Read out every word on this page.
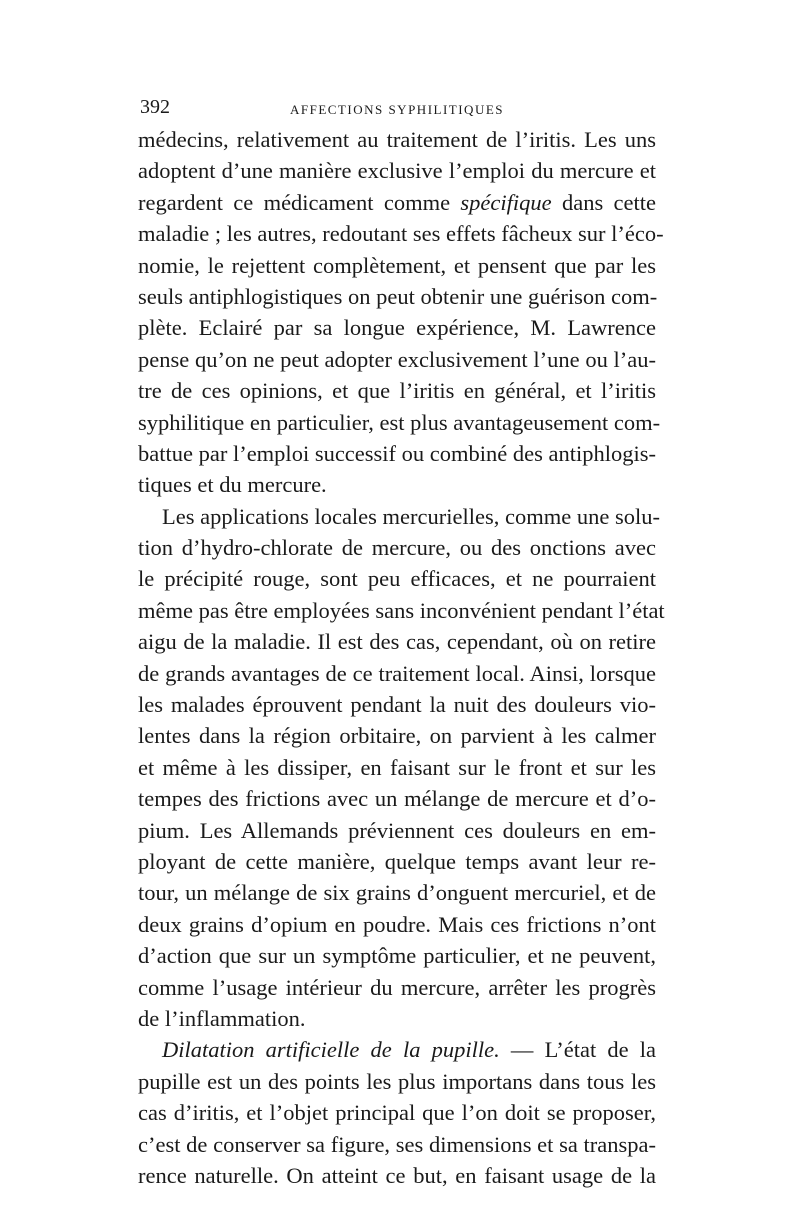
392	AFFECTIONS SYPHILITIQUES
médecins, relativement au traitement de l’iritis. Les uns
adoptent d’une manière exclusive l’emploi du mercure et
regardent ce médicament comme spécifique dans cette
maladie ; les autres, redoutant ses effets fâcheux sur l’éco-
nomie, le rejettent complètement, et pensent que par les
seuls antiphlogistiques on peut obtenir une guérison com-
plète. Eclairé par sa longue expérience, M. Lawrence
pense qu’on ne peut adopter exclusivement l’une ou l’au-
tre de ces opinions, et que l’iritis en général, et l’iritis
syphilitique en particulier, est plus avantageusement com-
battue par l’emploi successif ou combiné des antiphlogis-
tiques et du mercure.
Les applications locales mercurielles, comme une solu-
tion d’hydro-chlorate de mercure, ou des onctions avec
le précipité rouge, sont peu efficaces, et ne pourraient
même pas être employées sans inconvénient pendant l’état
aigu de la maladie. Il est des cas, cependant, où on retire
de grands avantages de ce traitement local. Ainsi, lorsque
les malades éprouvent pendant la nuit des douleurs vio-
lentes dans la région orbitaire, on parvient à les calmer
et même à les dissiper, en faisant sur le front et sur les
tempes des frictions avec un mélange de mercure et d’o-
pium. Les Allemands préviennent ces douleurs en em-
ployant de cette manière, quelque temps avant leur re-
tour, un mélange de six grains d’onguent mercuriel, et de
deux grains d’opium en poudre. Mais ces frictions n’ont
d’action que sur un symptôme particulier, et ne peuvent,
comme l’usage intérieur du mercure, arrêter les progrès
de l’inflammation.
Dilatation artificielle de la pupille. — L’état de la
pupille est un des points les plus importans dans tous les
cas d’iritis, et l’objet principal que l’on doit se proposer,
c’est de conserver sa figure, ses dimensions et sa transpa-
rence naturelle. On atteint ce but, en faisant usage de la
